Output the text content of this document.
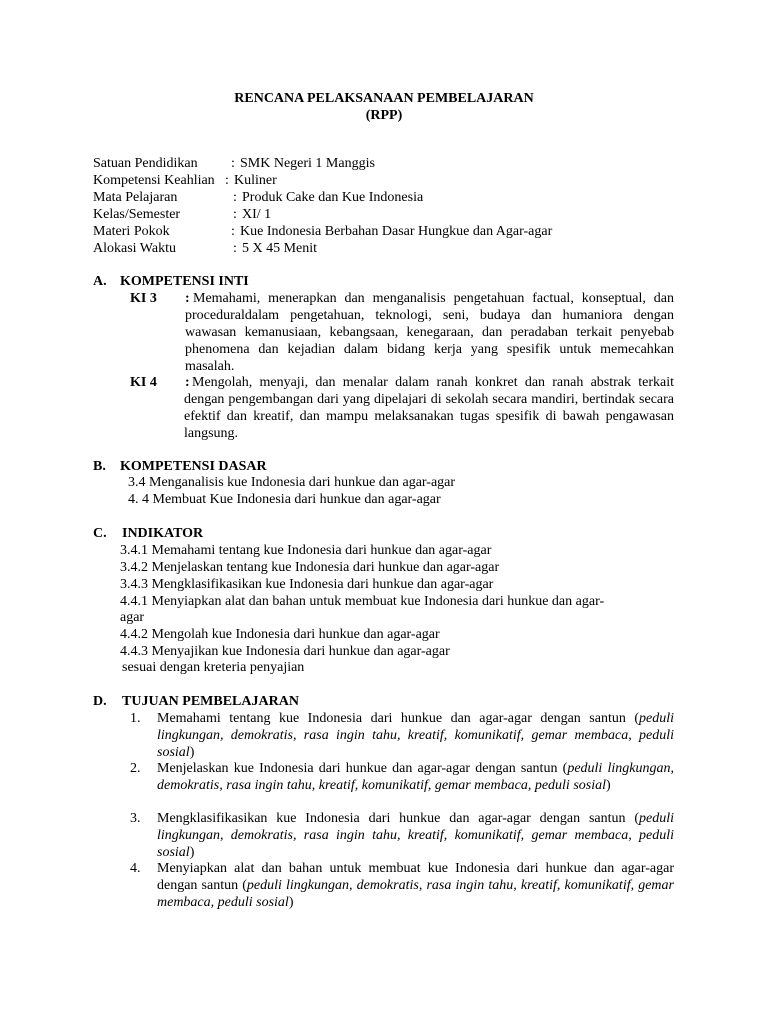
RENCANA PELAKSANAAN PEMBELAJARAN
(RPP)
Satuan Pendidikan : SMK Negeri 1 Manggis
Kompetensi Keahlian : Kuliner
Mata Pelajaran	: Produk Cake dan Kue Indonesia
Kelas/Semester	: XI/ 1
Materi Pokok	: Kue Indonesia Berbahan Dasar Hungkue dan Agar-agar
Alokasi Waktu	: 5 X 45 Menit
A. KOMPETENSI INTI
KI 3 : Memahami, menerapkan dan menganalisis pengetahuan factual, konseptual, dan proceduraldalam pengetahuan, teknologi, seni, budaya dan humaniora dengan wawasan kemanusiaan, kebangsaan, kenegaraan, dan peradaban terkait penyebab phenomena dan kejadian dalam bidang kerja yang spesifik untuk memecahkan masalah.
KI 4 : Mengolah, menyaji, dan menalar dalam ranah konkret dan ranah abstrak terkait dengan pengembangan dari yang dipelajari di sekolah secara mandiri, bertindak secara efektif dan kreatif, dan mampu melaksanakan tugas spesifik di bawah pengawasan langsung.
B. KOMPETENSI DASAR
3.4 Menganalisis kue Indonesia dari hunkue dan agar-agar
4. 4 Membuat Kue Indonesia dari hunkue dan agar-agar
C. INDIKATOR
3.4.1 Memahami tentang kue Indonesia dari hunkue dan agar-agar
3.4.2 Menjelaskan tentang kue Indonesia dari hunkue dan agar-agar
3.4.3 Mengklasifikasikan kue Indonesia dari hunkue dan agar-agar
4.4.1 Menyiapkan alat dan bahan untuk membuat kue Indonesia dari hunkue dan agar-
agar
4.4.2 Mengolah kue Indonesia dari hunkue dan agar-agar
4.4.3 Menyajikan kue Indonesia dari hunkue dan agar-agar
sesuai dengan kreteria penyajian
D. TUJUAN PEMBELAJARAN
1. Memahami tentang kue Indonesia dari hunkue dan agar-agar dengan santun (peduli lingkungan, demokratis, rasa ingin tahu, kreatif, komunikatif, gemar membaca, peduli sosial)
2. Menjelaskan kue Indonesia dari hunkue dan agar-agar dengan santun (peduli lingkungan, demokratis, rasa ingin tahu, kreatif, komunikatif, gemar membaca, peduli sosial)
3. Mengklasifikasikan kue Indonesia dari hunkue dan agar-agar dengan santun (peduli lingkungan, demokratis, rasa ingin tahu, kreatif, komunikatif, gemar membaca, peduli sosial)
4. Menyiapkan alat dan bahan untuk membuat kue Indonesia dari hunkue dan agar-agar dengan santun (peduli lingkungan, demokratis, rasa ingin tahu, kreatif, komunikatif, gemar membaca, peduli sosial)
